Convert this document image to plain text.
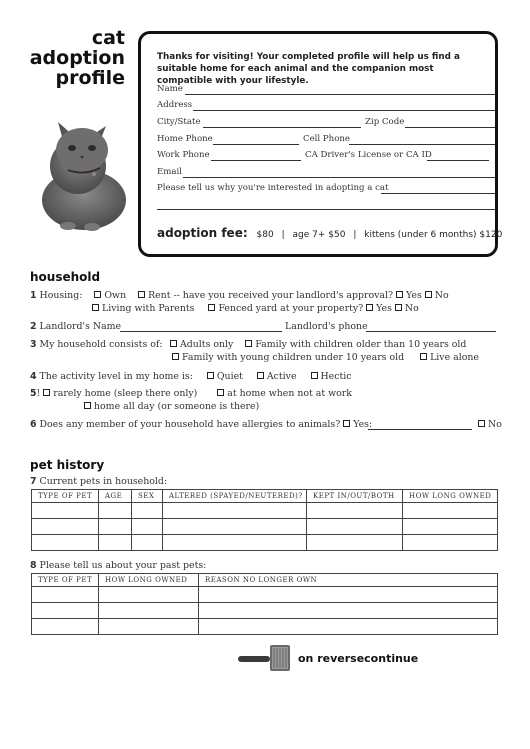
cat
adoption
profile
Thanks for visiting! Your completed profile will help us find a suitable home for each animal and the companion most compatible with your lifestyle.
Name
Address
City/State	Zip Code
Home Phone	Cell Phone
Work Phone	CA Driver's License or CA ID
Email
Please tell us why you're interested in adopting a cat
adoption fee: $80 | age 7+ $50 | kittens (under 6 months) $120
household
1 Housing: Own Rent -- have you received your landlord's approval? Yes No
Living with Parents	Fenced yard at your property? Yes No
2 Landlord's Name	Landlord's phone
3 My household consists of:	Adults only Family with children older than 10 years old
Family with young children under 10 years old	Live alone
4 The activity level in my home is:	Quiet	Active	Hectic
5! rarely home (sleep there only)	at home when not at work
home all day (or someone is there)
6 Does any member of your household have allergies to animals? Yes:	No
pet history
7 Current pets in household:
TYPE OF PET	AGE	SEX	ALTERED (SPAYED/NEUTERED)?	KEPT IN/OUT/BOTH	HOW LONG OWNED

8 Please tell us about your past pets:
TYPE OF PET	HOW LONG OWNED	REASON NO LONGER OWN

on reversecontinue
